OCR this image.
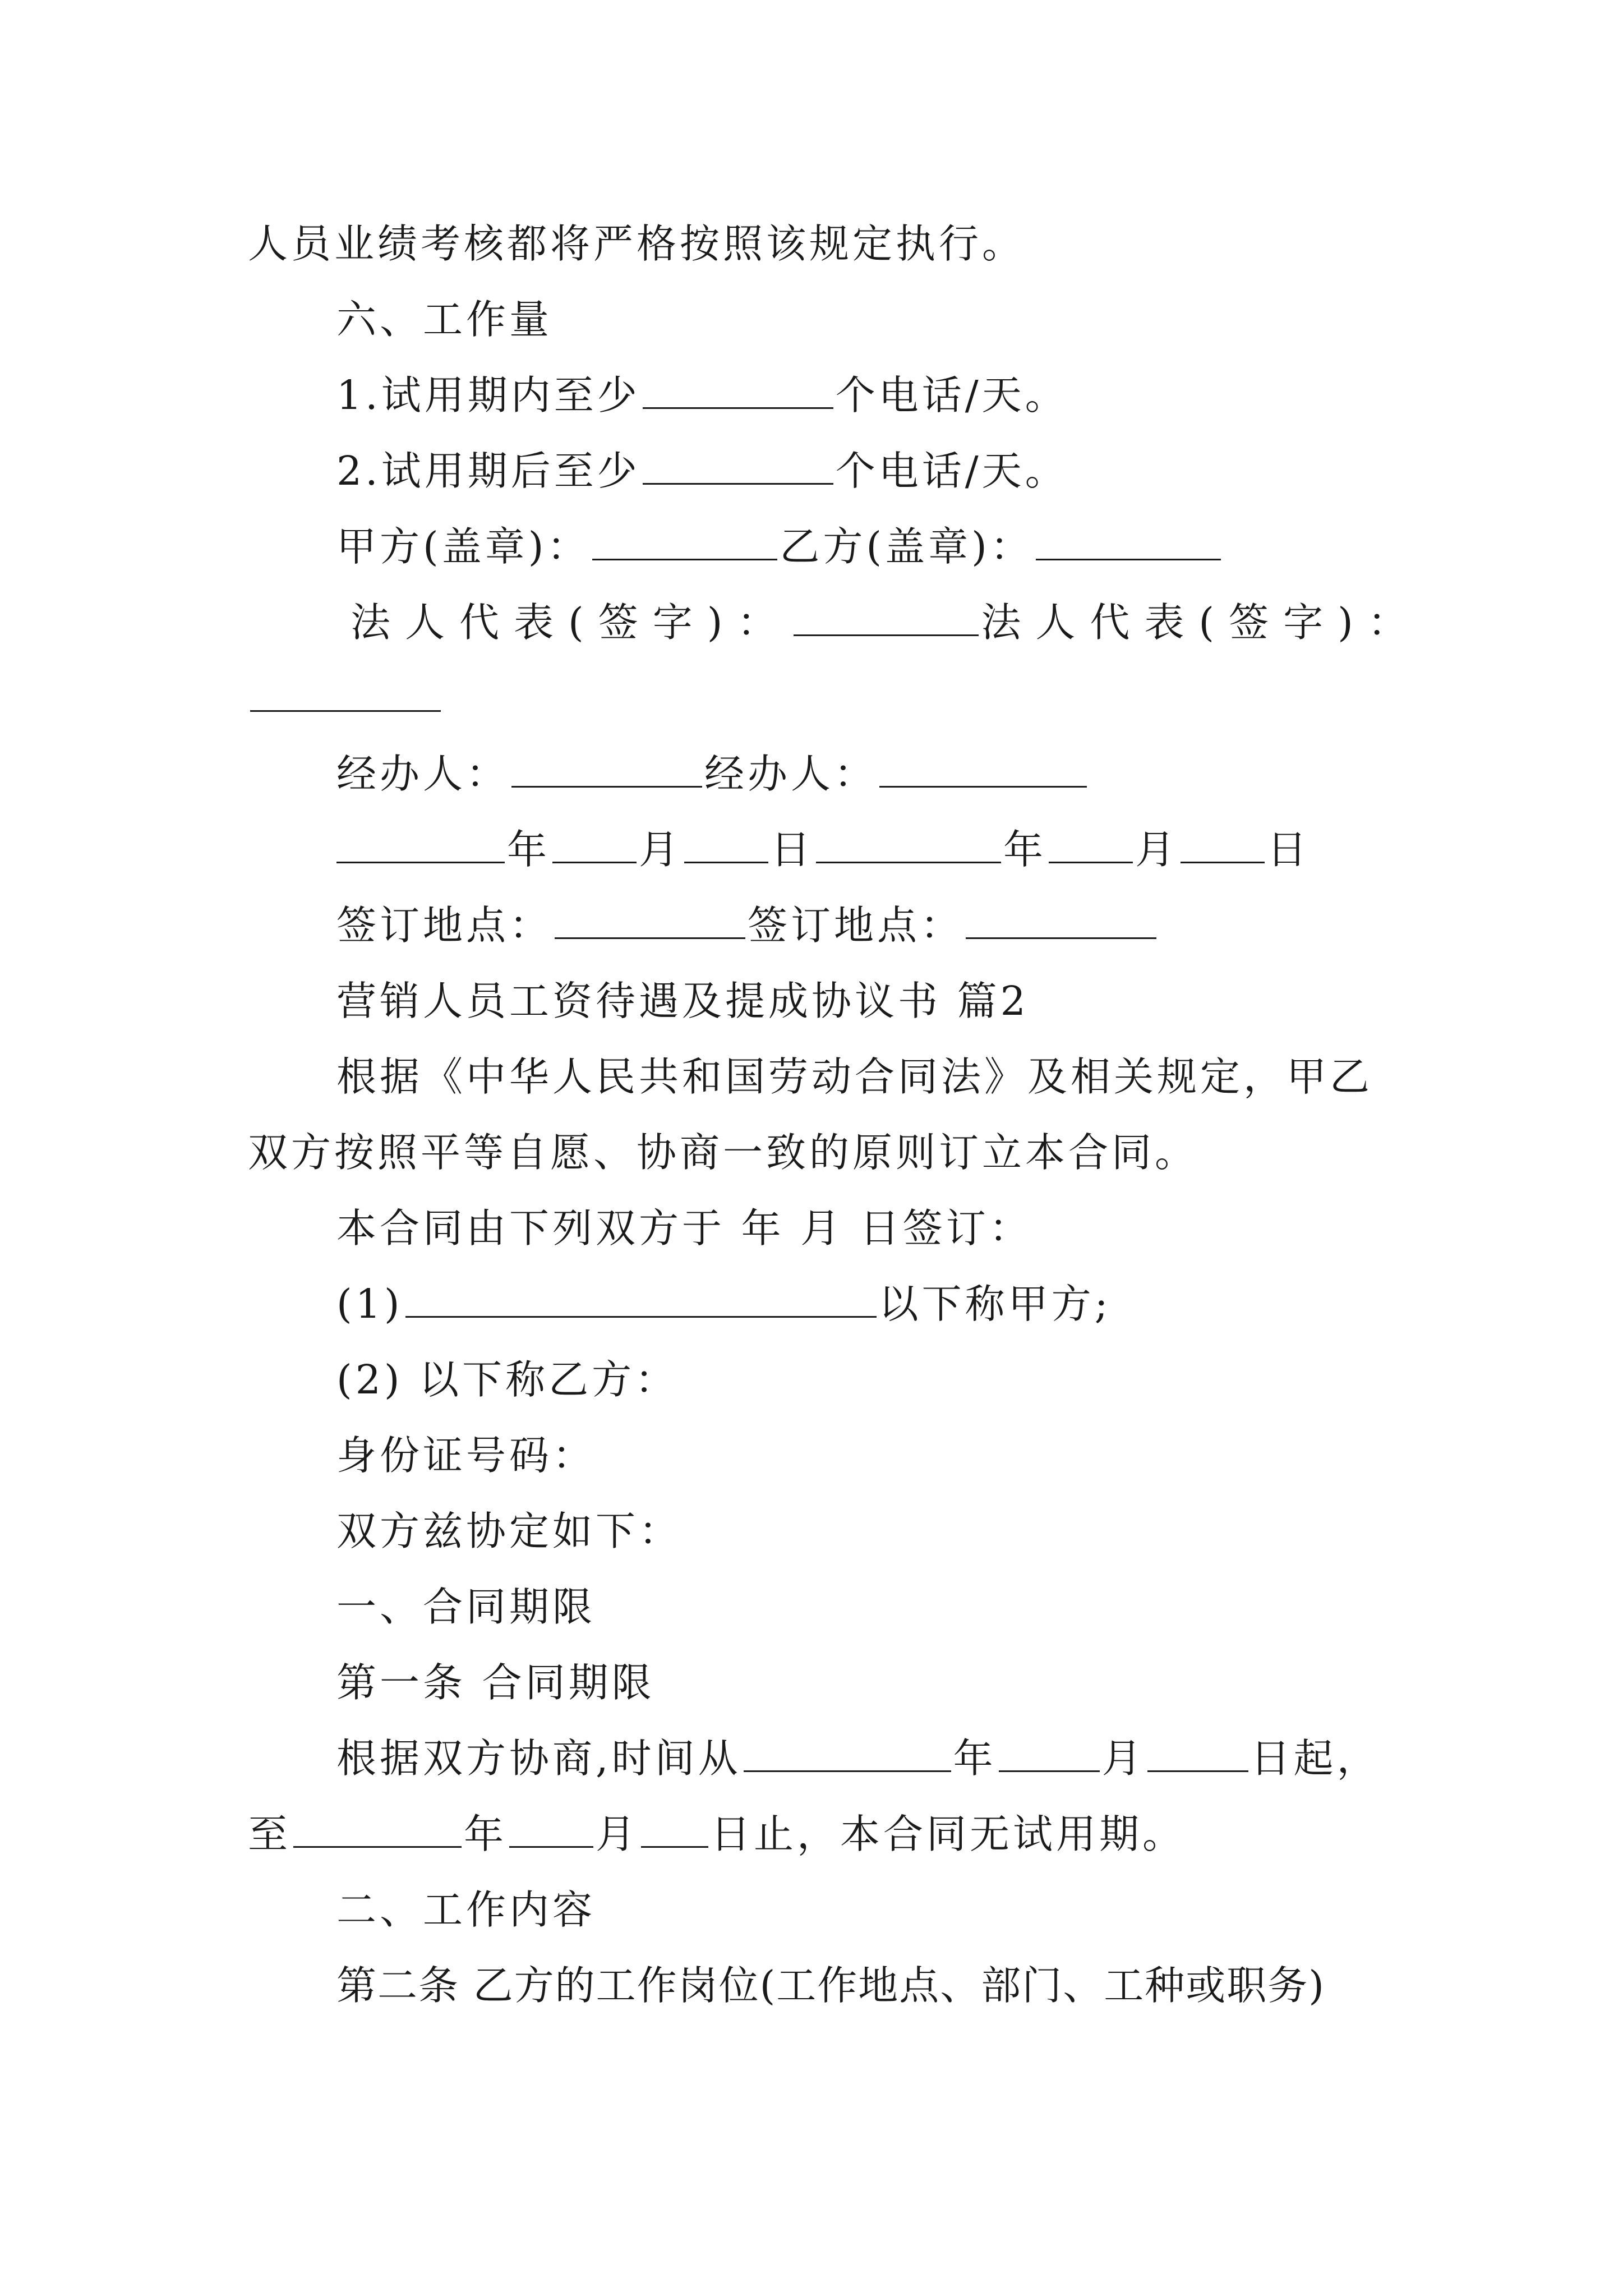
人员业绩考核都将严格按照该规定执行。
六、工作量
1.试用期内至少	个电话/天。
2.试用期后至少	个电话/天。
甲方(盖章)：	乙方(盖章)：
法人代表(签字)：	法人代表(签字)：
经办人：	经办人：
年 月 日	年 月 日
签订地点：	签订地点：
营销人员工资待遇及提成协议书 篇2
根据《中华人民共和国劳动合同法》及相关规定，甲乙
双方按照平等自愿、协商一致的原则订立本合同。
本合同由下列双方于 年 月 日签订：
(1)	以下称甲方;
(2) 以下称乙方：
身份证号码：
双方兹协定如下：
一、合同期限
第一条 合同期限
根据双方协商,时间从	年	月	日起，
至	年 月 日止，本合同无试用期。
二、工作内容
第二条 乙方的工作岗位(工作地点、部门、工种或职务)
